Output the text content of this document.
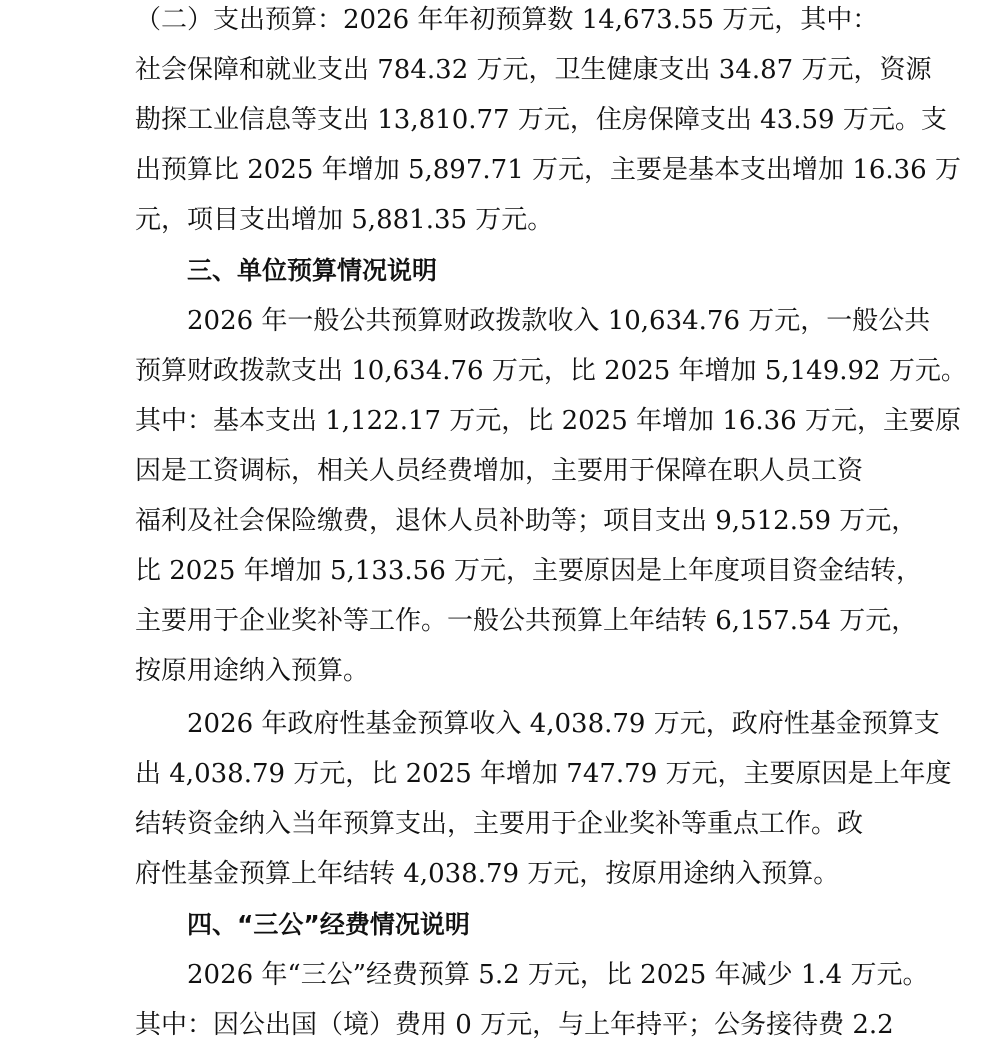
（二）支出预算：2026 年年初预算数 14,673.55 万元，其中：
社会保障和就业支出 784.32 万元，卫生健康支出 34.87 万元，资源
勘探工业信息等支出 13,810.77 万元，住房保障支出 43.59 万元。支
出预算比 2025 年增加 5,897.71 万元，主要是基本支出增加 16.36 万
元，项目支出增加 5,881.35 万元。
三、单位预算情况说明
2026 年一般公共预算财政拨款收入 10,634.76 万元，一般公共
预算财政拨款支出 10,634.76 万元，比 2025 年增加 5,149.92 万元。
其中：基本支出 1,122.17 万元，比 2025 年增加 16.36 万元，主要原
因是工资调标，相关人员经费增加，主要用于保障在职人员工资
福利及社会保险缴费，退休人员补助等；项目支出 9,512.59 万元，
比 2025 年增加 5,133.56 万元，主要原因是上年度项目资金结转，
主要用于企业奖补等工作。一般公共预算上年结转 6,157.54 万元，
按原用途纳入预算。
2026 年政府性基金预算收入 4,038.79 万元，政府性基金预算支
出 4,038.79 万元，比 2025 年增加 747.79 万元，主要原因是上年度
结转资金纳入当年预算支出，主要用于企业奖补等重点工作。政
府性基金预算上年结转 4,038.79 万元，按原用途纳入预算。
四、“三公”经费情况说明
2026 年“三公”经费预算 5.2 万元，比 2025 年减少 1.4 万元。
其中：因公出国（境）费用 0 万元，与上年持平；公务接待费 2.2
